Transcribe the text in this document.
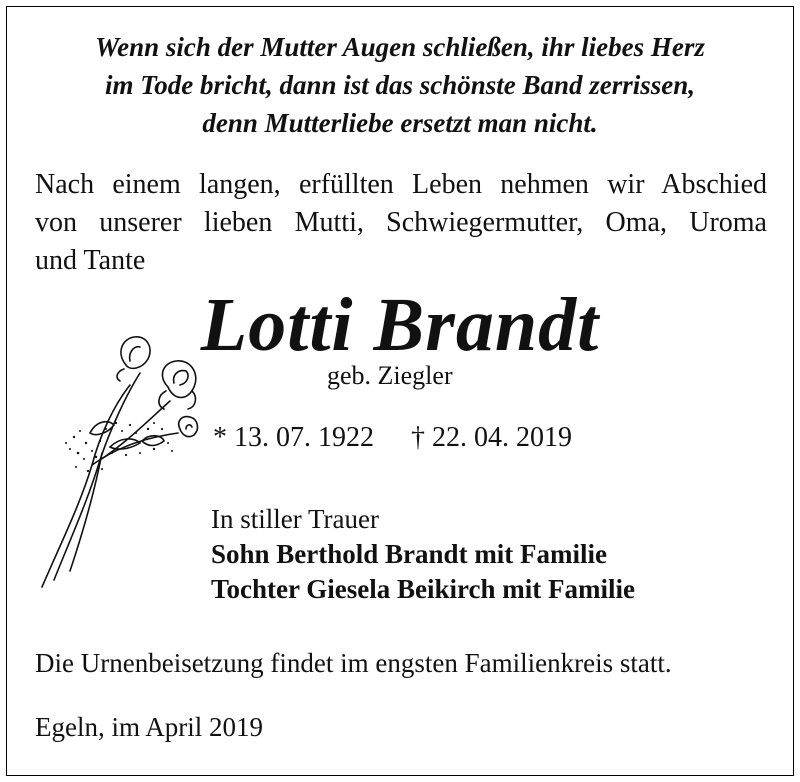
Wenn sich der Mutter Augen schließen, ihr liebes Herz
im Tode bricht, dann ist das schönste Band zerrissen,
denn Mutterliebe ersetzt man nicht.
Nach einem langen, erfüllten Leben nehmen wir Abschied
von unserer lieben Mutti, Schwiegermutter, Oma, Uroma
und Tante
Lotti Brandt
geb. Ziegler
* 13. 07. 1922 † 22. 04. 2019
In stiller Trauer
Sohn Berthold Brandt mit Familie
Tochter Giesela Beikirch mit Familie
Die Urnenbeisetzung findet im engsten Familienkreis statt.
Egeln, im April 2019
